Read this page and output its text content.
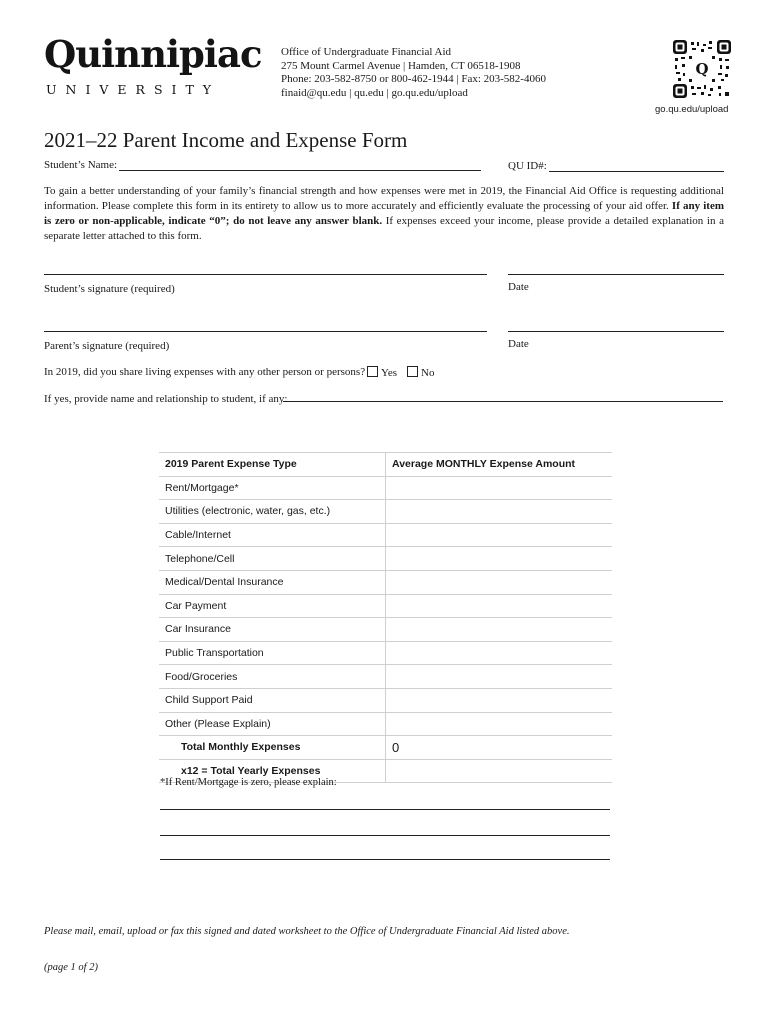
Quinnipiac
UNIVERSITY
Office of Undergraduate Financial Aid
275 Mount Carmel Avenue | Hamden, CT 06518-1908
Phone: 203-582-8750 or 800-462-1944 | Fax: 203-582-4060
finaid@qu.edu | qu.edu | go.qu.edu/upload
Q
go.qu.edu/upload
2021–22 Parent Income and Expense Form
Student’s Name:	QU ID#:
To gain a better understanding of your family’s financial strength and how expenses were met in 2019, the Financial Aid Office is requesting additional information. Please complete this form in its entirety to allow us to more accurately and efficiently evaluate the processing of your aid offer. If any item is zero or non-applicable, indicate “0”; do not leave any answer blank. If expenses exceed your income, please provide a detailed explanation in a separate letter attached to this form.
Student’s signature (required)	Date
Parent’s signature (required)	Date
In 2019, did you share living expenses with any other person or persons?	Yes	No
If yes, provide name and relationship to student, if any:
2019 Parent Expense Type	Average MONTHLY Expense Amount
Rent/Mortgage*	
Utilities (electronic, water, gas, etc.)	
Cable/Internet	
Telephone/Cell	
Medical/Dental Insurance	
Car Payment	
Car Insurance	
Public Transportation	
Food/Groceries	
Child Support Paid	
Other (Please Explain)	
Total Monthly Expenses	0
x12 = Total Yearly Expenses	
*If Rent/Mortgage is zero, please explain:
Please mail, email, upload or fax this signed and dated worksheet to the Office of Undergraduate Financial Aid listed above.
(page 1 of 2)
